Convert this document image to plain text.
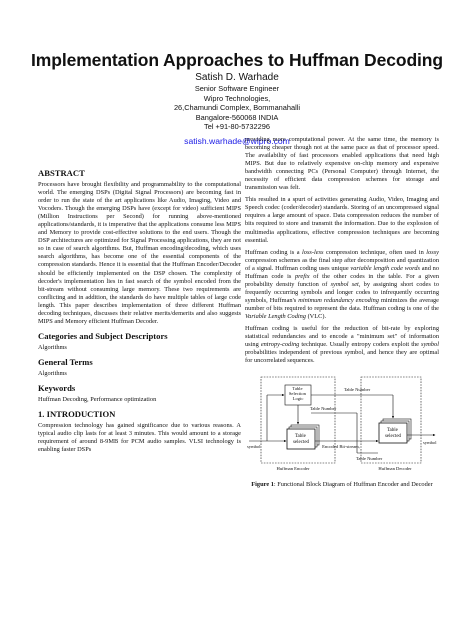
Implementation Approaches to Huffman Decoding
Satish D. Warhade
Senior Software Engineer
Wipro Technologies,
26,Chamundi Complex, Bommanahalli
Bangalore-560068 INDIA
Tel +91-80-5732296
satish.warhade@wipro.com
ABSTRACT

Processors have brought flexibility and programmability to the computational world. The emerging DSPs (Digital Signal Processors) are becoming fast in order to run the state of the art applications like Audio, Imaging, Video and Vocoders. Though the emerging DSPs have (except for video) sufficient MIPS (Million Instructions per Second) for running above-mentioned applications/standards, it is imperative that the applications consume less MIPS and Memory to provide cost-effective solutions to the end users. Though the DSP architectures are optimized for Signal Processing applications, they are not so in case of search algorithms. But, Huffman encoding/decoding, which uses search algorithms, has become one of the essential components of the compression standards. Hence it is essential that the Huffman Encoder/Decoder should be efficiently implemented on the DSP chosen. The complexity of decoder's implementation lies in fast search of the symbol encoded from the bit-stream without consuming large memory. These two requirements are conflicting and in addition, the standards do have multiple tables of large code length. This paper describes implementation of three different Huffman decoding techniques, discusses their relative merits/demerits and also suggests MIPS and Memory efficient Huffman Decoder.

Categories and Subject Descriptors

Algorithms

General Terms

Algorithms

Keywords

Huffman Decoding, Performance optimization

1. INTRODUCTION

Compression technology has gained significance due to various reasons. A typical audio clip lasts for at least 3 minutes. This would amount to a storage requirement of around 8-9MB for PCM audio samples. VLSI technology is enabling faster DSPs

providing more computational power. At the same time, the memory is becoming cheaper though not at the same pace as that of processor speed. The availability of fast processors enabled applications that need high MIPS. But due to relatively expensive on-chip memory and expensive bandwidth connecting PCs (Personal Computer) through Internet, the necessity of efficient data compression schemes for storage and transmission was felt.

This resulted in a spurt of activities generating Audio, Video, Imaging and Speech codec (coder/decoder) standards. Storing of an uncompressed signal requires a large amount of space. Data compression reduces the number of bits required to store and transmit the information. Due to the explosion of multimedia applications, effective compression techniques are becoming essential.

Huffman coding is a loss-less compression technique, often used in lossy compression schemes as the final step after decomposition and quantization of a signal. Huffman coding uses unique variable length code words and no Huffman code is prefix of the other codes in the table. For a given probability density function of symbol set, by assigning short codes to frequently occurring symbols and longer codes to infrequently occurring symbols, Huffman's minimum redundancy encoding minimizes the average number of bits required to represent the data. Huffman coding is one of the Variable Length Coding (VLC).

Huffman coding is useful for the reduction of bit-rate by exploring statistical redundancies and to encode a "minimum set" of information using entropy-coding technique. Usually entropy coders exploit the symbol probabilities independent of previous symbol, and hence they are optimal for uncorrelated sequences.

Table Selection Logic
Table selected
Table selected
Table Number
Table Number
Table Number
Encoded Bit-stream,
symbol
symbol
Huffman Encoder	Huffman Decoder
Figure 1: Functional Block Diagram of Huffman Encoder and Decoder
